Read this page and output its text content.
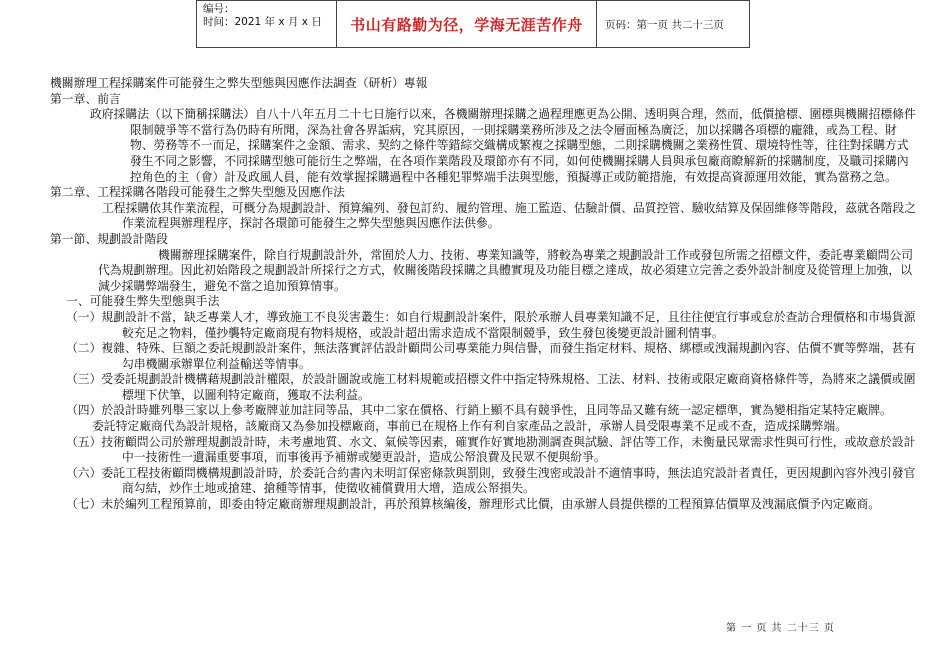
编号：
时间：2021 年 x 月 x 日	书山有路勤为径，学海无涯苦作舟	页码：第一页 共二十三页

機關辦理工程採購案件可能發生之弊失型態與因應作法調查（研析）專報

第一章、前言

政府採購法（以下簡稱採購法）自八十八年五月二十七日施行以來，各機關辦理採購之過程理應更為公開、透明與合理，然而，低價搶標、圍標與機關招標條件限制競爭等不當行為仍時有所聞，深為社會各界詬病，究其原因，一則採購業務所涉及之法令層面極為廣泛，加以採購各項標的龐雜，或為工程、財物、勞務等不一而足，採購案件之金額、需求、契約之條件等錯綜交織構成繁複之採購型態，二則採購機關之業務性質、環境特性等，往往對採購方式發生不同之影響，不同採購型態可能衍生之弊端，在各項作業階段及環節亦有不同，如何使機關採購人員與承包廠商瞭解新的採購制度，及職司採購內控角色的主（會）計及政風人員，能有效掌握採購過程中各種犯罪弊端手法與型態，預擬導正或防範措施，有效提高資源運用效能，實為當務之急。

第二章、工程採購各階段可能發生之弊失型態及因應作法

工程採購依其作業流程，可概分為規劃設計、預算編列、發包訂約、履約管理、施工監造、估驗計價、品質控管、驗收結算及保固維修等階段，茲就各階段之作業流程與辦理程序，探討各環節可能發生之弊失型態與因應作法供參。

第一節、規劃設計階段

機關辦理採購案件，除自行規劃設計外，常囿於人力、技術、專業知識等，將較為專業之規劃設計工作或發包所需之招標文件，委託專業顧問公司代為規劃辦理。因此初始階段之規劃設計所採行之方式，攸關後階段採購之具體實現及功能目標之達成，故必須建立完善之委外設計制度及從管理上加強，以減少採購弊端發生，避免不當之追加預算情事。

一、可能發生弊失型態與手法

（一）規劃設計不當，缺乏專業人才，導致施工不良災害叢生：如自行規劃設計案件，限於承辦人員專業知識不足，且往往便宜行事或怠於查訪合理價格和市場貨源較充足之物料，僅抄襲特定廠商現有物料規格，或設計超出需求造成不當限制競爭，致生發包後變更設計圖利情事。

（二）複雜、特殊、巨額之委託規劃設計案件，無法落實評估設計顧問公司專業能力與信譽，而發生指定材料、規格、綁標或洩漏規劃內容、估價不實等弊端，甚有勾串機關承辦單位利益輸送等情事。

（三）受委託規劃設計機構藉規劃設計權限，於設計圖說或施工材料規範或招標文件中指定特殊規格、工法、材料、技術或限定廠商資格條件等，為將來之議價或圍標埋下伏筆，以圖利特定廠商，獲取不法利益。

（四）於設計時雖列舉三家以上參考廠牌並加註同等品，其中二家在價格、行銷上顯不具有競爭性，且同等品又難有統一認定標準，實為變相指定某特定廠牌。

委託特定廠商代為設計規格，該廠商又為參加投標廠商，事前已在規格上作有利自家產品之設計，承辦人員受限專業不足或不查，造成採購弊端。

（五）技術顧問公司於辦理規劃設計時，未考慮地質、水文、氣候等因素，確實作好實地勘測調查與試驗、評估等工作，未衡量民眾需求性與可行性，或故意於設計中一技術性一遺漏重要事項，而事後再予補辦或變更設計，造成公帑浪費及民眾不便與紛爭。

（六）委託工程技術顧問機構規劃設計時，於委託合約書內未明訂保密條款與罰則，致發生洩密或設計不適情事時，無法追究設計者責任，更因規劃內容外洩引發官商勾結，炒作土地或搶建、搶種等情事，使徵收補償費用大增，造成公帑損失。

（七）未於編列工程預算前，即委由特定廠商辦理規劃設計，再於預算核編後，辦理形式比價，由承辦人員提供標的工程預算估價單及洩漏底價予內定廠商。

第 一 页 共 二十三 页
